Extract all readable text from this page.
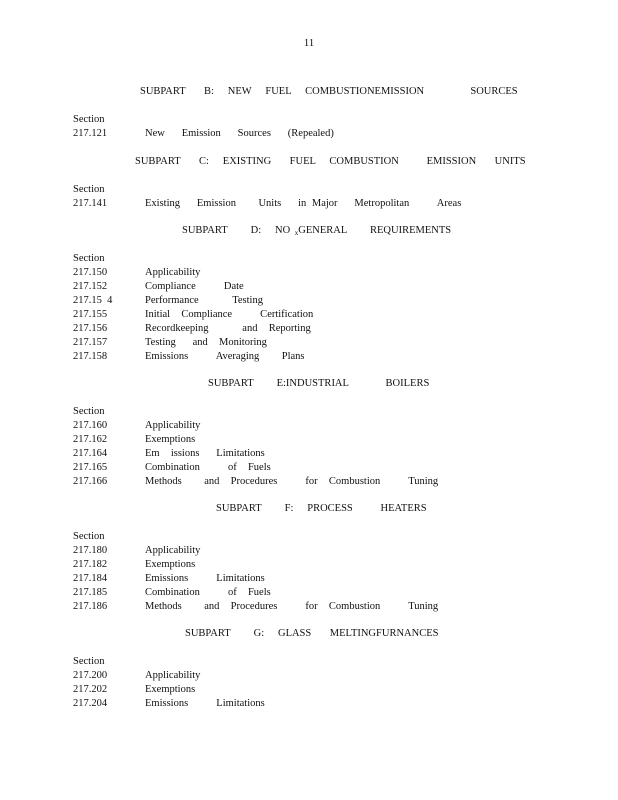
11
SUBPART    B:   NEW   FUEL   COMBUSTIONEMISSION          SOURCES
Section
217.121	New   Emission   Sources   (Repealed)
SUBPART    C:   EXISTING    FUEL   COMBUSTION      EMISSION    UNITS
Section
217.141	Existing   Emission    Units   in Major   Metropolitan     Areas
SUBPART     D:   NO $_x$GENERAL     REQUIREMENTS
Section
217.150	Applicability
217.152	Compliance     Date
217.15  4	Performance      Testing
217.155	Initial  Compliance     Certification
217.156	Recordkeeping      and  Reporting
217.157	Testing   and  Monitoring
217.158	Emissions     Averaging    Plans
SUBPART     E:INDUSTRIAL        BOILERS
Section
217.160	Applicability
217.162	Exemptions
217.164	Em  issions   Limitations
217.165	Combination     of  Fuels
217.166	Methods    and  Procedures     for  Combustion     Tuning
SUBPART     F:   PROCESS      HEATERS
Section
217.180	Applicability
217.182	Exemptions
217.184	Emissions     Limitations
217.185	Combination     of  Fuels
217.186	Methods    and  Procedures     for  Combustion     Tuning
SUBPART     G:   GLASS    MELTINGFURNANCES
Section
217.200	Applicability
217.202	Exemptions
217.204	Emissions     Limitations
